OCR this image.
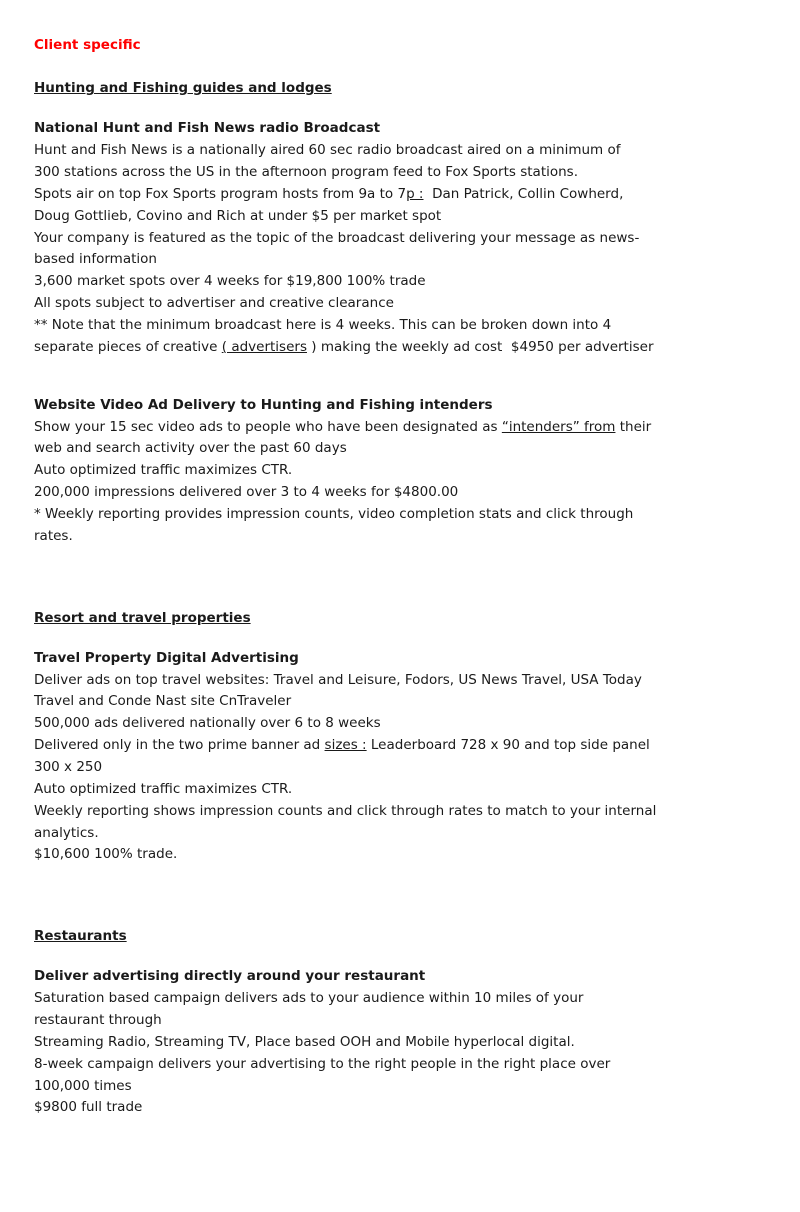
Client specific
Hunting and Fishing guides and lodges
National Hunt and Fish News radio Broadcast
Hunt and Fish News is a nationally aired 60 sec radio broadcast aired on a minimum of 300 stations across the US in the afternoon program feed to Fox Sports stations.
Spots air on top Fox Sports program hosts from 9a to 7p :  Dan Patrick, Collin Cowherd, Doug Gottlieb, Covino and Rich at under $5 per market spot
Your company is featured as the topic of the broadcast delivering your message as news-based information
3,600 market spots over 4 weeks for $19,800 100% trade
All spots subject to advertiser and creative clearance
** Note that the minimum broadcast here is 4 weeks. This can be broken down into 4 separate pieces of creative ( advertisers ) making the weekly ad cost  $4950 per advertiser
Website Video Ad Delivery to Hunting and Fishing intenders
Show your 15 sec video ads to people who have been designated as “intenders” from their web and search activity over the past 60 days
Auto optimized traffic maximizes CTR.
200,000 impressions delivered over 3 to 4 weeks for $4800.00
* Weekly reporting provides impression counts, video completion stats and click through rates.
Resort and travel properties
Travel Property Digital Advertising
Deliver ads on top travel websites: Travel and Leisure, Fodors, US News Travel, USA Today Travel and Conde Nast site CnTraveler
500,000 ads delivered nationally over 6 to 8 weeks
Delivered only in the two prime banner ad sizes : Leaderboard 728 x 90 and top side panel 300 x 250
Auto optimized traffic maximizes CTR.
Weekly reporting shows impression counts and click through rates to match to your internal analytics.
$10,600 100% trade.
Restaurants
Deliver advertising directly around your restaurant
Saturation based campaign delivers ads to your audience within 10 miles of your restaurant through
Streaming Radio, Streaming TV, Place based OOH and Mobile hyperlocal digital.
8-week campaign delivers your advertising to the right people in the right place over 100,000 times
$9800 full trade
